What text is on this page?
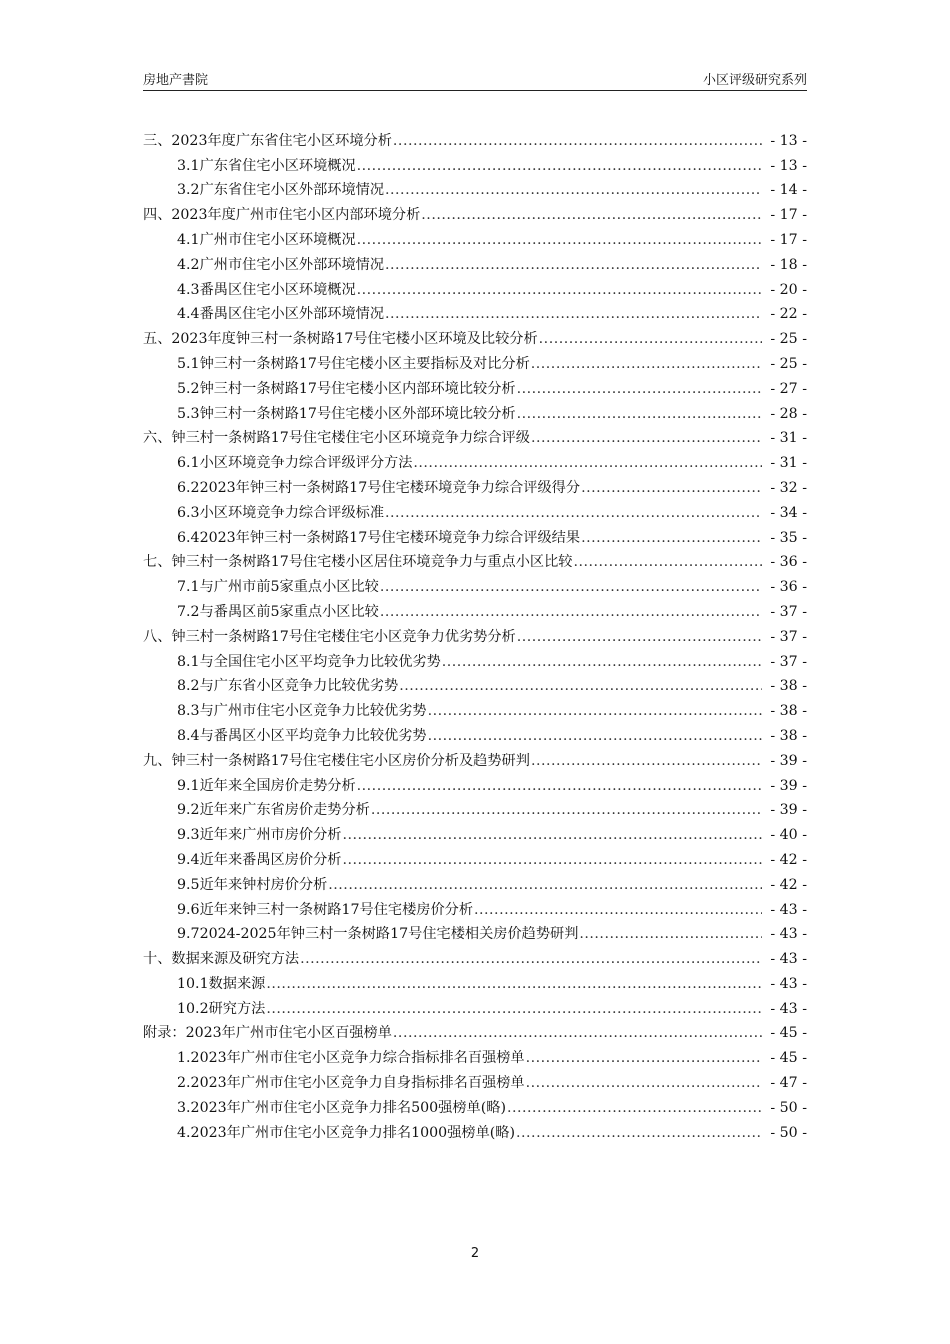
房地产書院	小区评级研究系列
三、2023年度广东省住宅小区环境分析 .....	- 13 -
3.1 广东省住宅小区环境概况 .....	- 13 -
3.2 广东省住宅小区外部环境情况 .....	- 14 -
四、2023年度广州市住宅小区内部环境分析 .....	- 17 -
4.1 广州市住宅小区环境概况 .....	- 17 -
4.2 广州市住宅小区外部环境情况 .....	- 18 -
4.3 番禺区住宅小区环境概况 .....	- 20 -
4.4 番禺区住宅小区外部环境情况 .....	- 22 -
五、2023年度钟三村一条树路17号住宅楼小区环境及比较分析 .....	- 25 -
5.1 钟三村一条树路17号住宅楼小区主要指标及对比分析 .....	- 25 -
5.2 钟三村一条树路17号住宅楼小区内部环境比较分析 .....	- 27 -
5.3 钟三村一条树路17号住宅楼小区外部环境比较分析 .....	- 28 -
六、钟三村一条树路17号住宅楼住宅小区环境竞争力综合评级 .....	- 31 -
6.1 小区环境竞争力综合评级评分方法 .....	- 31 -
6.2 2023年钟三村一条树路17号住宅楼环境竞争力综合评级得分 .....	- 32 -
6.3 小区环境竞争力综合评级标准 .....	- 34 -
6.4 2023年钟三村一条树路17号住宅楼环境竞争力综合评级结果 .....	- 35 -
七、钟三村一条树路17号住宅楼小区居住环境竞争力与重点小区比较 .....	- 36 -
7.1 与广州市前5家重点小区比较 .....	- 36 -
7.2 与番禺区前5家重点小区比较 .....	- 37 -
八、钟三村一条树路17号住宅楼住宅小区竞争力优劣势分析 .....	- 37 -
8.1 与全国住宅小区平均竞争力比较优劣势 .....	- 37 -
8.2 与广东省小区竞争力比较优劣势 .....	- 38 -
8.3 与广州市住宅小区竞争力比较优劣势 .....	- 38 -
8.4 与番禺区小区平均竞争力比较优劣势 .....	- 38 -
九、钟三村一条树路17号住宅楼住宅小区房价分析及趋势研判 .....	- 39 -
9.1 近年来全国房价走势分析 .....	- 39 -
9.2 近年来广东省房价走势分析 .....	- 39 -
9.3 近年来广州市房价分析 .....	- 40 -
9.4 近年来番禺区房价分析 .....	- 42 -
9.5 近年来钟村房价分析 .....	- 42 -
9.6 近年来钟三村一条树路17号住宅楼房价分析 .....	- 43 -
9.7 2024-2025年钟三村一条树路17号住宅楼相关房价趋势研判 .....	- 43 -
十、数据来源及研究方法 .....	- 43 -
10.1 数据来源 .....	- 43 -
10.2 研究方法 .....	- 43 -
附录：2023年广州市住宅小区百强榜单 .....	- 45 -
1. 2023年广州市住宅小区竞争力综合指标排名百强榜单 .....	- 45 -
2. 2023年广州市住宅小区竞争力自身指标排名百强榜单 .....	- 47 -
3. 2023年广州市住宅小区竞争力排名500强榜单(略) .....	- 50 -
4. 2023年广州市住宅小区竞争力排名1000强榜单(略) .....	- 50 -
2
